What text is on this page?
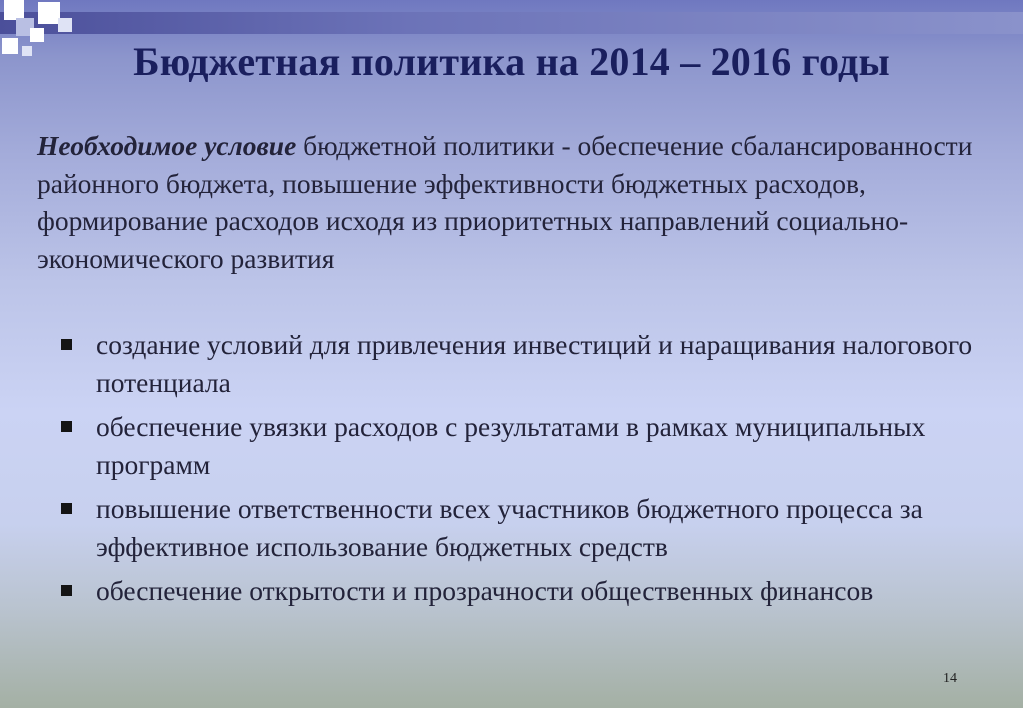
Бюджетная политика на 2014 – 2016 годы
Необходимое условие бюджетной политики - обеспечение сбалансированности районного бюджета, повышение эффективности бюджетных расходов, формирование расходов исходя из приоритетных направлений социально-экономического развития
создание условий для привлечения инвестиций и наращивания налогового потенциала
обеспечение увязки расходов с результатами в рамках муниципальных программ
повышение ответственности всех участников бюджетного процесса за эффективное использование бюджетных средств
обеспечение открытости и прозрачности общественных финансов
14
